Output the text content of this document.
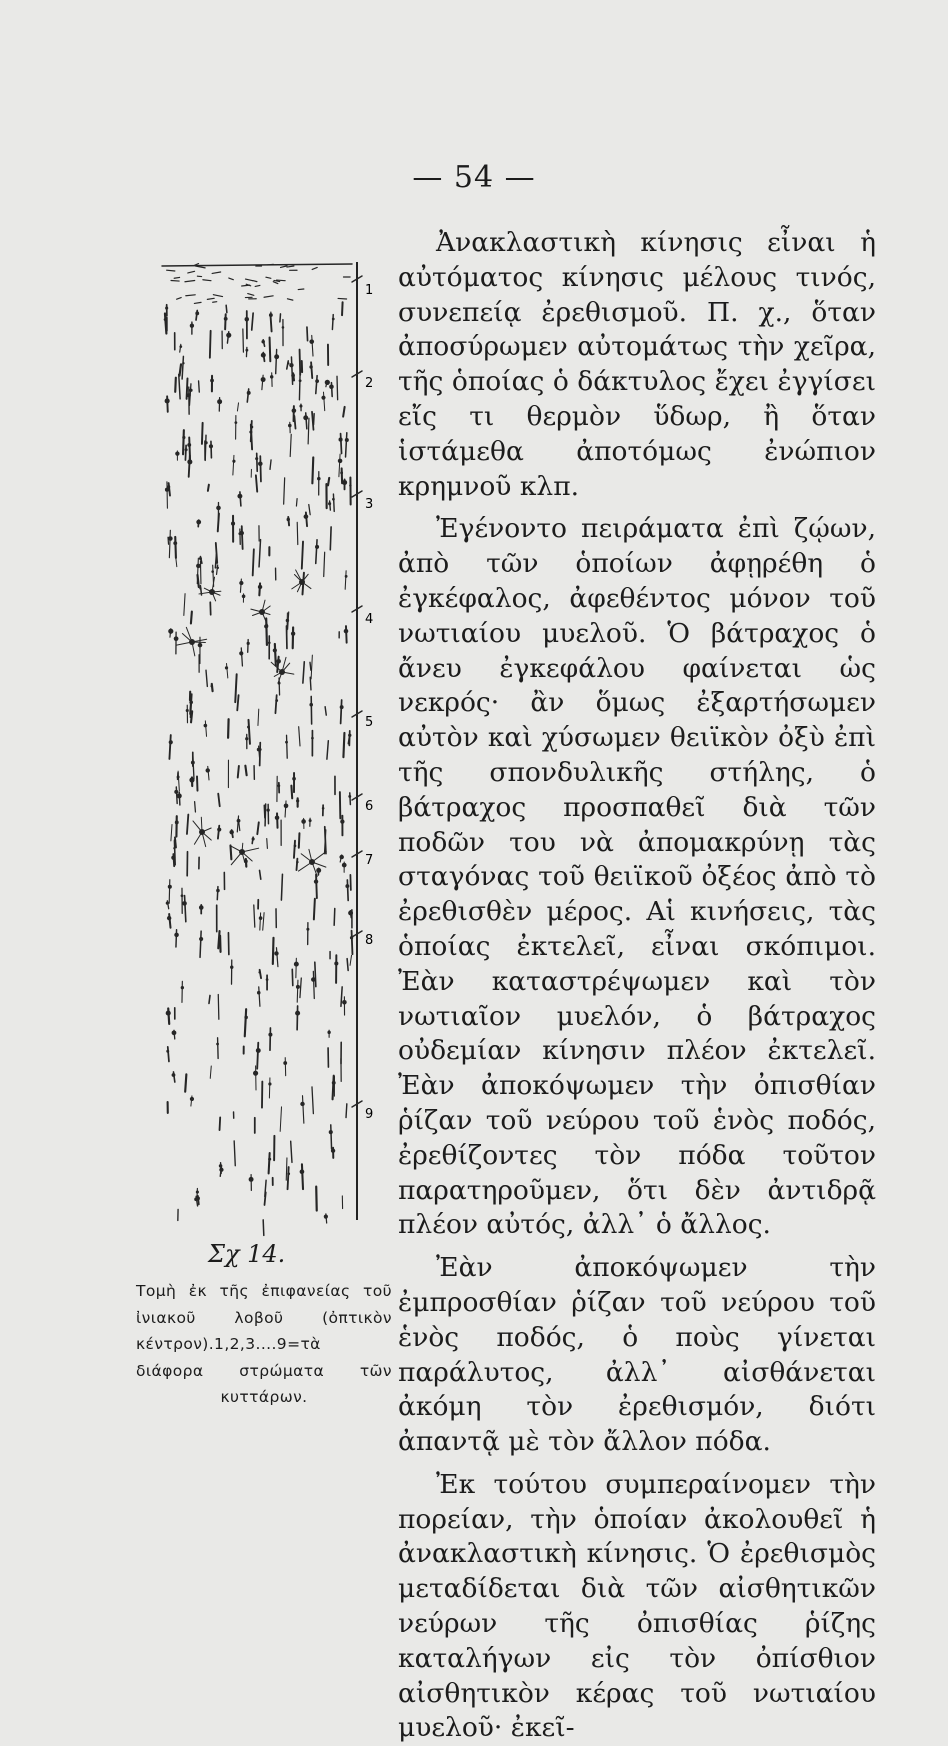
— 54 —
1
2
3
4
5
6
7
8
9
Σχ 14.
Τομὴ ἐκ τῆς ἐπιφανείας τοῦ ἰνιακοῦ λοβοῦ (ὀπτικὸν κέντρον).1,2,3....9=τὰ διάφορα στρώματα τῶν κυττάρων.

Ἀνακλαστικὴ κίνησις εἶναι ἡ αὐτόματος κίνησις μέλους τινός, συνεπείᾳ ἐρεθισμοῦ. Π. χ., ὅταν ἀποσύρωμεν αὐτομάτως τὴν χεῖρα, τῆς ὁποίας ὁ δάκτυλος ἔχει ἐγγίσει εἴς τι θερμὸν ὕδωρ, ἢ ὅταν ἱστάμεθα ἀποτόμως ἐνώπιον κρημνοῦ κλπ.

Ἐγένοντο πειράματα ἐπὶ ζῴων, ἀπὸ τῶν ὁποίων ἀφῃρέθη ὁ ἐγκέφαλος, ἀφεθέντος μόνον τοῦ νωτιαίου μυελοῦ. Ὁ βάτραχος ὁ ἄνευ ἐγκεφάλου φαίνεται ὡς νεκρός· ἂν ὅμως ἐξαρτήσωμεν αὐτὸν καὶ χύσωμεν θειϊκὸν ὀξὺ ἐπὶ τῆς σπονδυλικῆς στήλης, ὁ βάτραχος προσπαθεῖ διὰ τῶν ποδῶν του νὰ ἀπομακρύνῃ τὰς σταγόνας τοῦ θειϊκοῦ ὀξέος ἀπὸ τὸ ἐρεθισθὲν μέρος. Αἱ κινήσεις, τὰς ὁποίας ἐκτελεῖ, εἶναι σκόπιμοι. Ἐὰν καταστρέψωμεν καὶ τὸν νωτιαῖον μυελόν, ὁ βάτραχος οὐδεμίαν κίνησιν πλέον ἐκτελεῖ. Ἐὰν ἀποκόψωμεν τὴν ὀπισθίαν ῥίζαν τοῦ νεύρου τοῦ ἑνὸς ποδός, ἐρεθίζοντες τὸν πόδα τοῦτον παρατηροῦμεν, ὅτι δὲν ἀντιδρᾷ πλέον αὐτός, ἀλλ᾽ ὁ ἄλλος.

Ἐὰν ἀποκόψωμεν τὴν ἐμπροσθίαν ῥίζαν τοῦ νεύρου τοῦ ἑνὸς ποδός, ὁ ποὺς γίνεται παράλυτος, ἀλλ᾽ αἰσθάνεται ἀκόμη τὸν ἐρεθισμόν, διότι ἀπαντᾷ μὲ τὸν ἄλλον πόδα.

Ἐκ τούτου συμπεραίνομεν τὴν πορείαν, τὴν ὁποίαν ἀκολουθεῖ ἡ ἀνακλαστικὴ κίνησις. Ὁ ἐρεθισμὸς μεταδίδεται διὰ τῶν αἰσθητικῶν νεύρων τῆς ὀπισθίας ῥίζης καταλήγων εἰς τὸν ὀπίσθιον αἰσθητικὸν κέρας τοῦ νωτιαίου μυελοῦ· ἐκεῖ-
